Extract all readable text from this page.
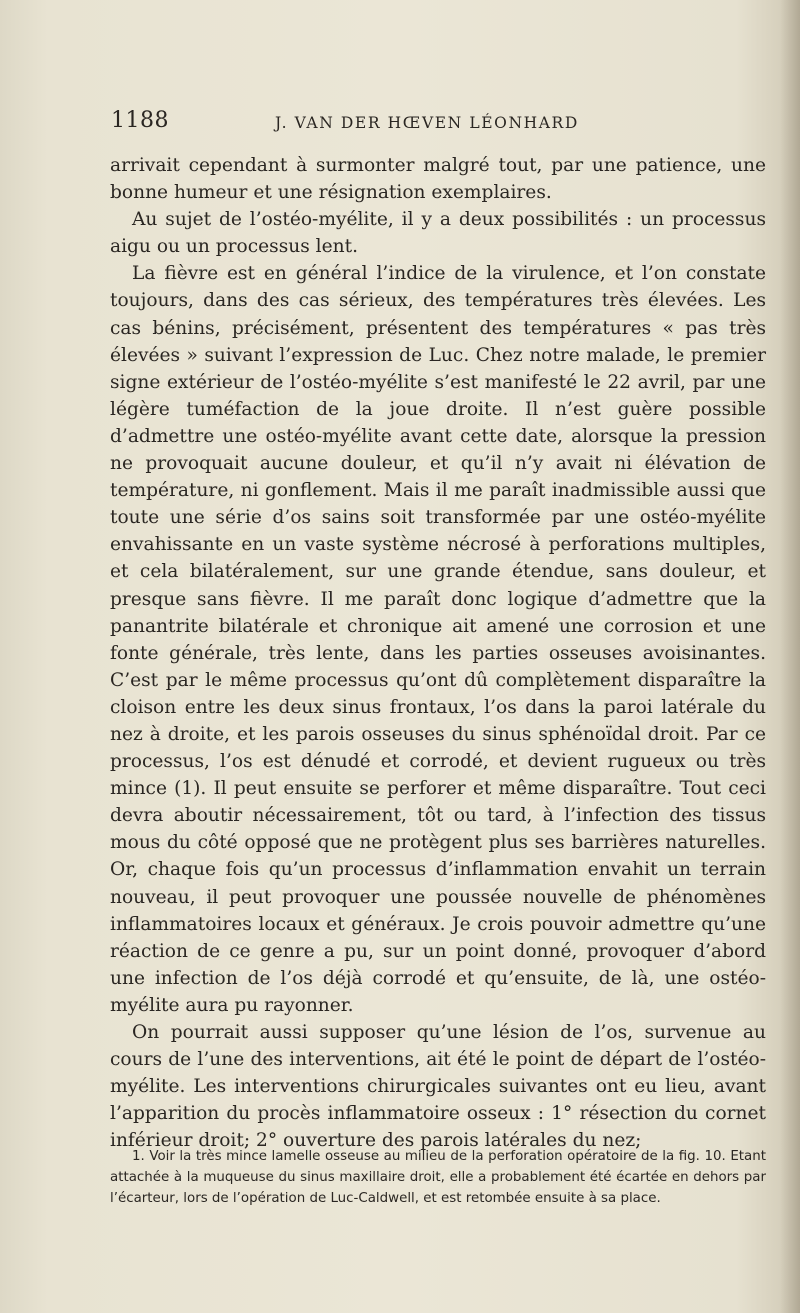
1188	J. VAN DER HŒVEN LÉONHARD

arrivait cependant à surmonter malgré tout, par une patience, une bonne humeur et une résignation exemplaires.

Au sujet de l’ostéo-myélite, il y a deux possibilités : un processus aigu ou un processus lent.

La fièvre est en général l’indice de la virulence, et l’on constate toujours, dans des cas sérieux, des températures très élevées. Les cas bénins, précisément, présentent des températures « pas très élevées » suivant l’expression de Luc. Chez notre malade, le premier signe extérieur de l’ostéo-myélite s’est manifesté le 22 avril, par une légère tuméfaction de la joue droite. Il n’est guère possible d’admettre une ostéo-myélite avant cette date, alorsque la pression ne provoquait aucune douleur, et qu’il n’y avait ni élévation de température, ni gonflement. Mais il me paraît inadmissible aussi que toute une série d’os sains soit transformée par une ostéo-myélite envahissante en un vaste système nécrosé à perforations multiples, et cela bilatéralement, sur une grande étendue, sans douleur, et presque sans fièvre. Il me paraît donc logique d’admettre que la panantrite bilatérale et chronique ait amené une corrosion et une fonte générale, très lente, dans les parties osseuses avoisinantes. C’est par le même processus qu’ont dû complètement disparaître la cloison entre les deux sinus frontaux, l’os dans la paroi latérale du nez à droite, et les parois osseuses du sinus sphénoïdal droit. Par ce processus, l’os est dénudé et corrodé, et devient rugueux ou très mince (1). Il peut ensuite se perforer et même disparaître. Tout ceci devra aboutir nécessairement, tôt ou tard, à l’infection des tissus mous du côté opposé que ne protègent plus ses barrières naturelles. Or, chaque fois qu’un processus d’inflammation envahit un terrain nouveau, il peut provoquer une poussée nouvelle de phénomènes inflammatoires locaux et généraux. Je crois pouvoir admettre qu’une réaction de ce genre a pu, sur un point donné, provoquer d’abord une infection de l’os déjà corrodé et qu’ensuite, de là, une ostéo-myélite aura pu rayonner.

On pourrait aussi supposer qu’une lésion de l’os, survenue au cours de l’une des interventions, ait été le point de départ de l’ostéo-myélite. Les interventions chirurgicales suivantes ont eu lieu, avant l’apparition du procès inflammatoire osseux : 1° résection du cornet inférieur droit; 2° ouverture des parois latérales du nez;

1. Voir la très mince lamelle osseuse au milieu de la perforation opératoire de la fig. 10. Etant attachée à la muqueuse du sinus maxillaire droit, elle a probablement été écartée en dehors par l’écarteur, lors de l’opération de Luc-Caldwell, et est retombée ensuite à sa place.
